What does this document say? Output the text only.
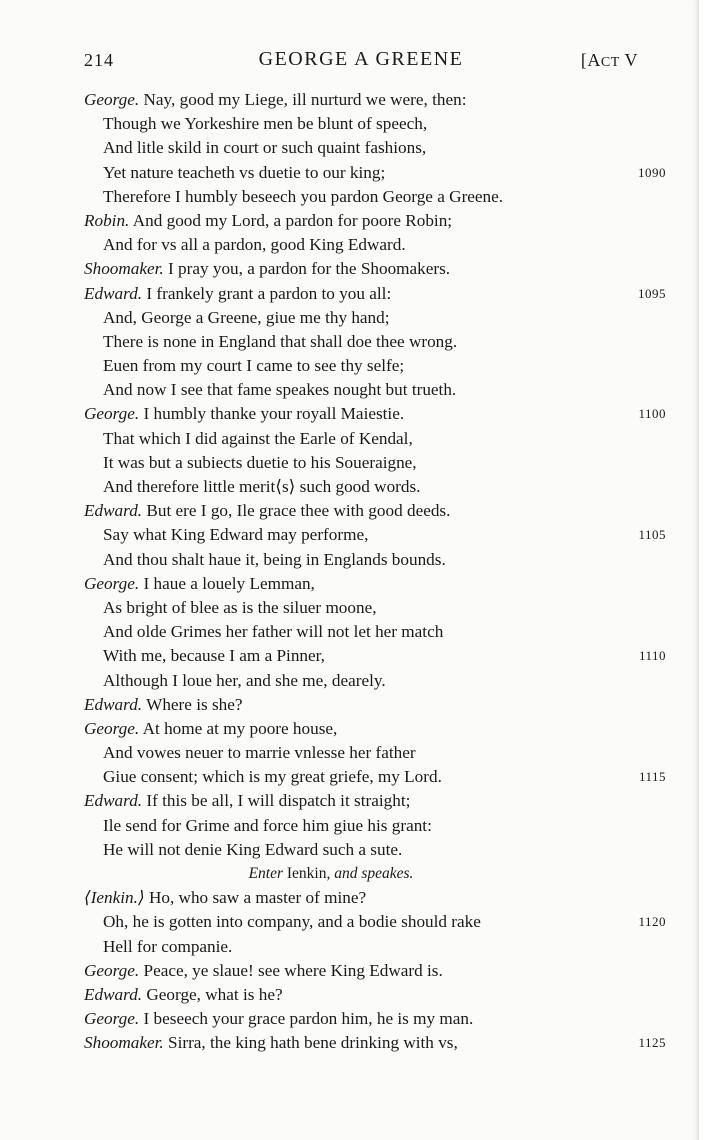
214	GEORGE A GREENE	[ACT V
George. Nay, good my Liege, ill nurturd we were, then:
Though we Yorkeshire men be blunt of speech,
And litle skild in court or such quaint fashions,
Yet nature teacheth vs duetie to our king;	1090
Therefore I humbly beseech you pardon George a Greene.
Robin. And good my Lord, a pardon for poore Robin;
And for vs all a pardon, good King Edward.
Shoomaker. I pray you, a pardon for the Shoomakers.
Edward. I frankely grant a pardon to you all:	1095
And, George a Greene, giue me thy hand;
There is none in England that shall doe thee wrong.
Euen from my court I came to see thy selfe;
And now I see that fame speakes nought but trueth.
George. I humbly thanke your royall Maiestie.	1100
That which I did against the Earle of Kendal,
It was but a subiects duetie to his Soueraigne,
And therefore little merit⟨s⟩ such good words.
Edward. But ere I go, Ile grace thee with good deeds.
Say what King Edward may performe,	1105
And thou shalt haue it, being in Englands bounds.
George. I haue a louely Lemman,
As bright of blee as is the siluer moone,
And olde Grimes her father will not let her match
With me, because I am a Pinner,	1110
Although I loue her, and she me, dearely.
Edward. Where is she?
George. At home at my poore house,
And vowes neuer to marrie vnlesse her father
Giue consent; which is my great griefe, my Lord.	1115
Edward. If this be all, I will dispatch it straight;
Ile send for Grime and force him giue his grant:
He will not denie King Edward such a sute.
Enter Ienkin, and speakes.
⟨Ienkin.⟩ Ho, who saw a master of mine?
Oh, he is gotten into company, and a bodie should rake	1120
Hell for companie.
George. Peace, ye slaue! see where King Edward is.
Edward. George, what is he?
George. I beseech your grace pardon him, he is my man.
Shoomaker. Sirra, the king hath bene drinking with vs,	1125
